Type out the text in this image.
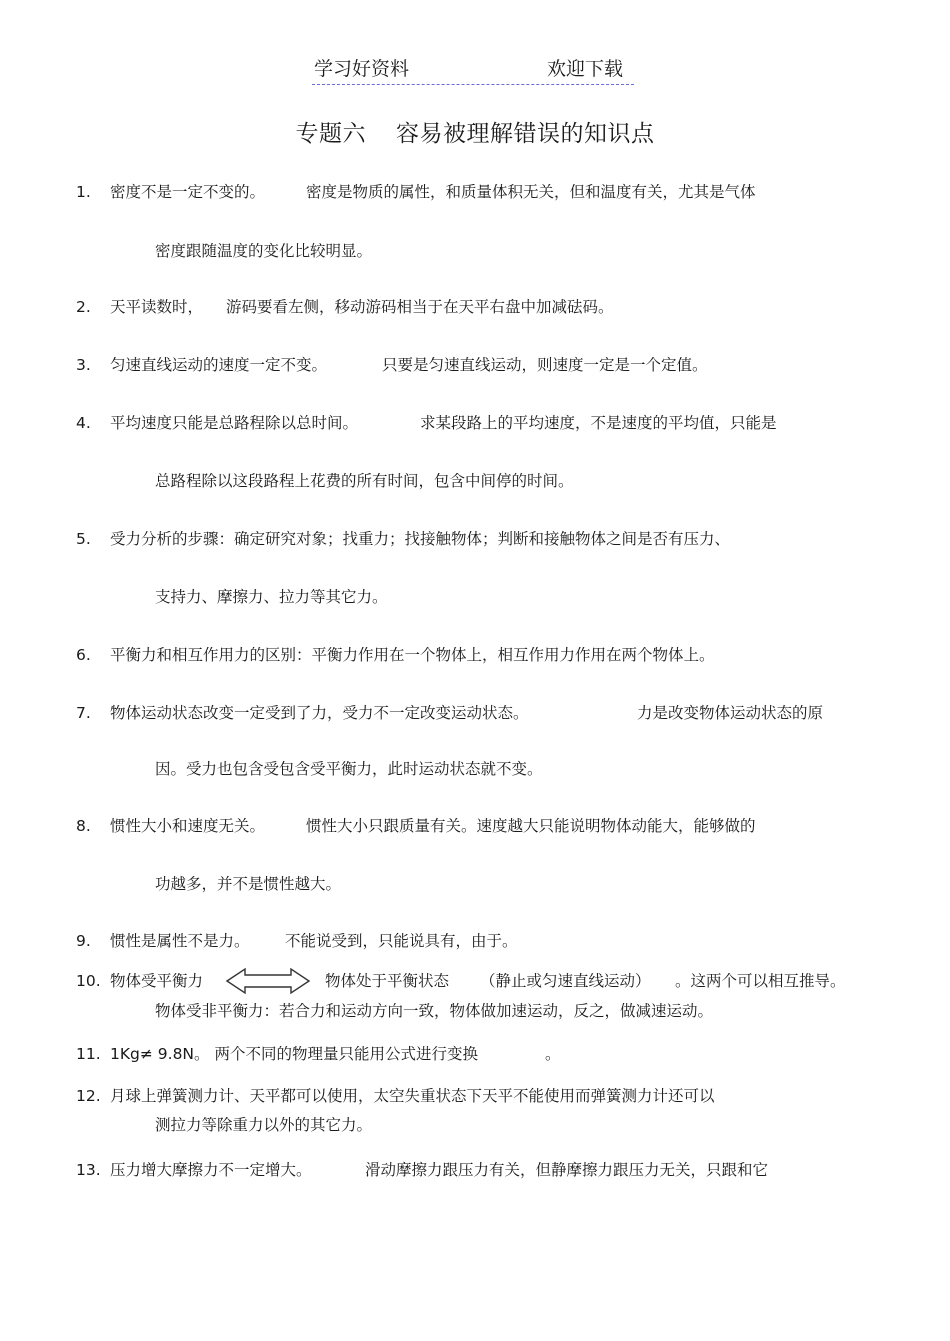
学习好资料	欢迎下载
专题六 容易被理解错误的知识点
1. 密度不是一定不变的。	密度是物质的属性，和质量体积无关，但和温度有关，尤其是气体
密度跟随温度的变化比较明显。
2. 天平读数时， 游码要看左侧，移动游码相当于在天平右盘中加减砝码。
3. 匀速直线运动的速度一定不变。	只要是匀速直线运动，则速度一定是一个定值。
4. 平均速度只能是总路程除以总时间。	求某段路上的平均速度，不是速度的平均值，只能是
总路程除以这段路程上花费的所有时间，包含中间停的时间。
5. 受力分析的步骤：确定研究对象；找重力；找接触物体；判断和接触物体之间是否有压力、
支持力、摩擦力、拉力等其它力。
6. 平衡力和相互作用力的区别：平衡力作用在一个物体上，相互作用力作用在两个物体上。
7. 物体运动状态改变一定受到了力，受力不一定改变运动状态。	力是改变物体运动状态的原
因。受力也包含受包含受平衡力，此时运动状态就不变。
8. 惯性大小和速度无关。	惯性大小只跟质量有关。速度越大只能说明物体动能大，能够做的
功越多，并不是惯性越大。
9. 惯性是属性不是力。 不能说受到，只能说具有，由于。
10. 物体受平衡力	物体处于平衡状态 （静止或匀速直线运动） 。这两个可以相互推导。
物体受非平衡力：若合力和运动方向一致，物体做加速运动，反之，做减速运动。
11. 1Kg≠ 9.8N。 两个不同的物理量只能用公式进行变换	。
12. 月球上弹簧测力计、天平都可以使用，太空失重状态下天平不能使用而弹簧测力计还可以
测拉力等除重力以外的其它力。
13. 压力增大摩擦力不一定增大。	滑动摩擦力跟压力有关，但静摩擦力跟压力无关，只跟和它
